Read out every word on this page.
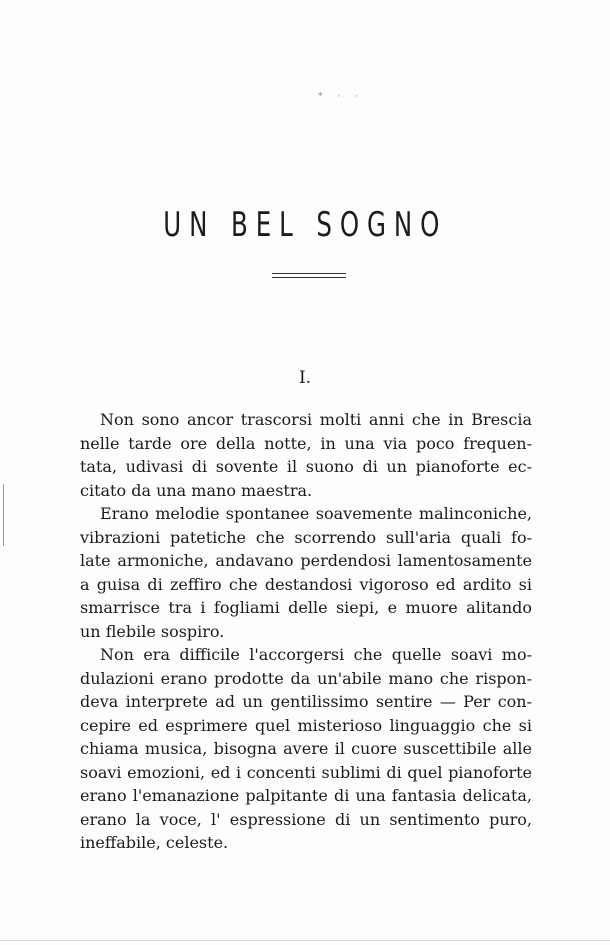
* · ·
UN BEL SOGNO
I.
Non sono ancor trascorsi molti anni che in Brescia
nelle tarde ore della notte, in una via poco frequen-
tata, udivasi di sovente il suono di un pianoforte ec-
citato da una mano maestra.
Erano melodie spontanee soavemente malinconiche,
vibrazioni patetiche che scorrendo sull'aria quali fo-
late armoniche, andavano perdendosi lamentosamente
a guisa di zeffiro che destandosi vigoroso ed ardito si
smarrisce tra i fogliami delle siepi, e muore alitando
un flebile sospiro.
Non era difficile l'accorgersi che quelle soavi mo-
dulazioni erano prodotte da un'abile mano che rispon-
deva interprete ad un gentilissimo sentire — Per con-
cepire ed esprimere quel misterioso linguaggio che si
chiama musica, bisogna avere il cuore suscettibile alle
soavi emozioni, ed i concenti sublimi di quel pianoforte
erano l'emanazione palpitante di una fantasia delicata,
erano la voce, l' espressione di un sentimento puro,
ineffabile, celeste.
